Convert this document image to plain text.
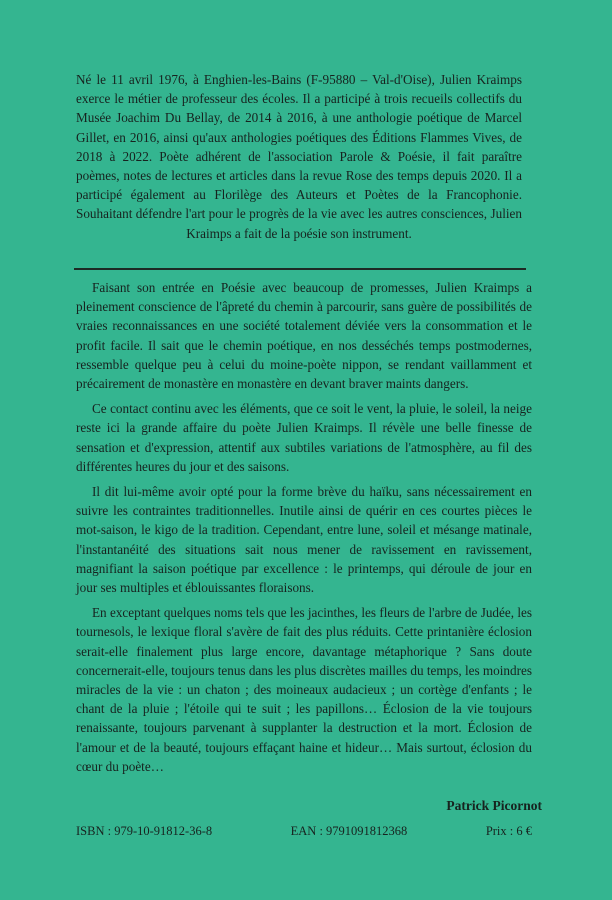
Né le 11 avril 1976, à Enghien-les-Bains (F-95880 – Val-d'Oise), Julien Kraimps exerce le métier de professeur des écoles. Il a participé à trois recueils collectifs du Musée Joachim Du Bellay, de 2014 à 2016, à une anthologie poétique de Marcel Gillet, en 2016, ainsi qu'aux anthologies poétiques des Éditions Flammes Vives, de 2018 à 2022. Poète adhérent de l'association Parole & Poésie, il fait paraître poèmes, notes de lectures et articles dans la revue Rose des temps depuis 2020. Il a participé également au Florilège des Auteurs et Poètes de la Francophonie. Souhaitant défendre l'art pour le progrès de la vie avec les autres consciences, Julien Kraimps a fait de la poésie son instrument.

Faisant son entrée en Poésie avec beaucoup de promesses, Julien Kraimps a pleinement conscience de l'âpreté du chemin à parcourir, sans guère de possibilités de vraies reconnaissances en une société totalement déviée vers la consommation et le profit facile. Il sait que le chemin poétique, en nos desséchés temps postmodernes, ressemble quelque peu à celui du moine-poète nippon, se rendant vaillamment et précairement de monastère en monastère en devant braver maints dangers.

Ce contact continu avec les éléments, que ce soit le vent, la pluie, le soleil, la neige reste ici la grande affaire du poète Julien Kraimps. Il révèle une belle finesse de sensation et d'expression, attentif aux subtiles variations de l'atmosphère, au fil des différentes heures du jour et des saisons.

Il dit lui-même avoir opté pour la forme brève du haïku, sans nécessairement en suivre les contraintes traditionnelles. Inutile ainsi de quérir en ces courtes pièces le mot-saison, le kigo de la tradition. Cependant, entre lune, soleil et mésange matinale, l'instantanéité des situations sait nous mener de ravissement en ravissement, magnifiant la saison poétique par excellence : le printemps, qui déroule de jour en jour ses multiples et éblouissantes floraisons.

En exceptant quelques noms tels que les jacinthes, les fleurs de l'arbre de Judée, les tournesols, le lexique floral s'avère de fait des plus réduits. Cette printanière éclosion serait-elle finalement plus large encore, davantage métaphorique ? Sans doute concernerait-elle, toujours tenus dans les plus discrètes mailles du temps, les moindres miracles de la vie : un chaton ; des moineaux audacieux ; un cortège d'enfants ; le chant de la pluie ; l'étoile qui te suit ; les papillons… Éclosion de la vie toujours renaissante, toujours parvenant à supplanter la destruction et la mort. Éclosion de l'amour et de la beauté, toujours effaçant haine et hideur… Mais surtout, éclosion du cœur du poète…

Patrick Picornot
ISBN : 979-10-91812-36-8	EAN : 9791091812368	Prix : 6 €
